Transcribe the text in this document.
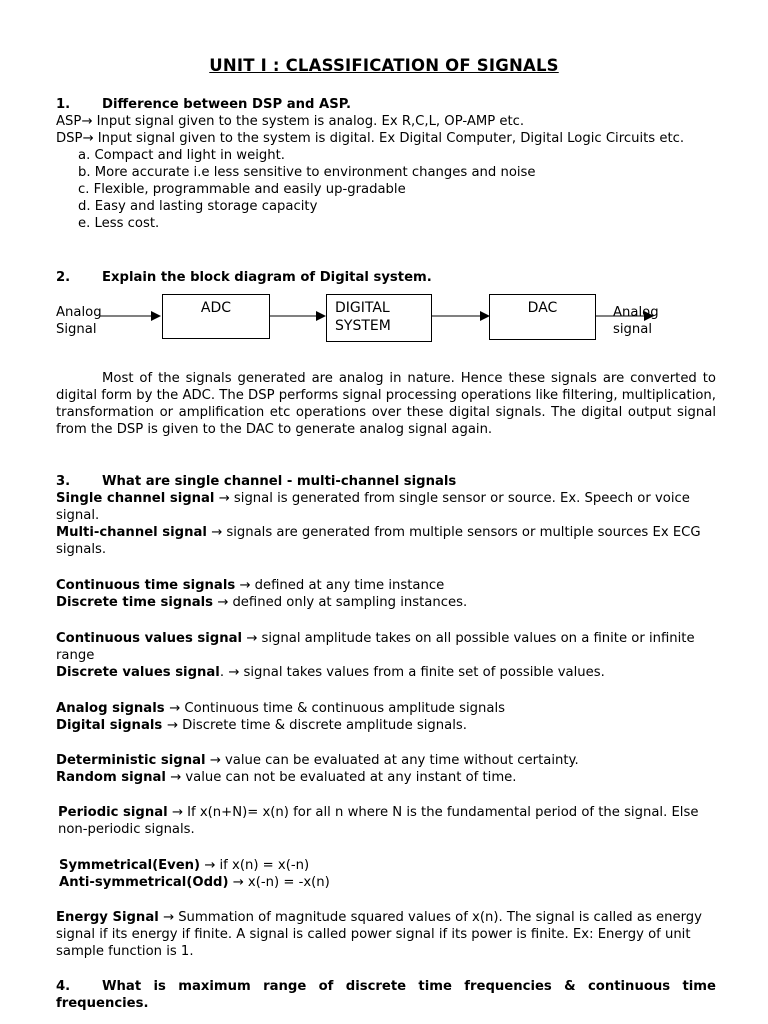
UNIT I : CLASSIFICATION OF SIGNALS
1. Difference between DSP and ASP.
ASP→ Input signal given to the system is analog. Ex R,C,L, OP-AMP etc.
DSP→ Input signal given to the system is digital. Ex Digital Computer, Digital Logic Circuits etc.
a. Compact and light in weight.
b. More accurate i.e less sensitive to environment changes and noise
c. Flexible, programmable and easily up-gradable
d. Easy and lasting storage capacity
e. Less cost.
2. Explain the block diagram of Digital system.
Analog
Signal
ADC	DIGITAL
SYSTEM
DAC	Analog
signal
Most of the signals generated are analog in nature. Hence these signals are converted to digital form by the ADC. The DSP performs signal processing operations like filtering, multiplication, transformation or amplification etc operations over these digital signals. The digital output signal from the DSP is given to the DAC to generate analog signal again.
3. What are single channel - multi-channel signals
Single channel signal → signal is generated from single sensor or source. Ex. Speech or voice signal.
Multi-channel signal → signals are generated from multiple sensors or multiple sources Ex ECG signals.
Continuous time signals → defined at any time instance
Discrete time signals → defined only at sampling instances.
Continuous values signal → signal amplitude takes on all possible values on a finite or infinite range
Discrete values signal. → signal takes values from a finite set of possible values.
Analog signals → Continuous time & continuous amplitude signals
Digital signals → Discrete time & discrete amplitude signals.
Deterministic signal → value can be evaluated at any time without certainty.
Random signal → value can not be evaluated at any instant of time.
Periodic signal → If x(n+N)= x(n) for all n where N is the fundamental period of the signal. Else non-periodic signals.
Symmetrical(Even) → if x(n) = x(-n)
Anti-symmetrical(Odd) → x(-n) = -x(n)
Energy Signal → Summation of magnitude squared values of x(n). The signal is called as energy signal if its energy if finite. A signal is called power signal if its power is finite. Ex: Energy of unit sample function is 1.
4. What is maximum range of discrete time frequencies & continuous time frequencies.
